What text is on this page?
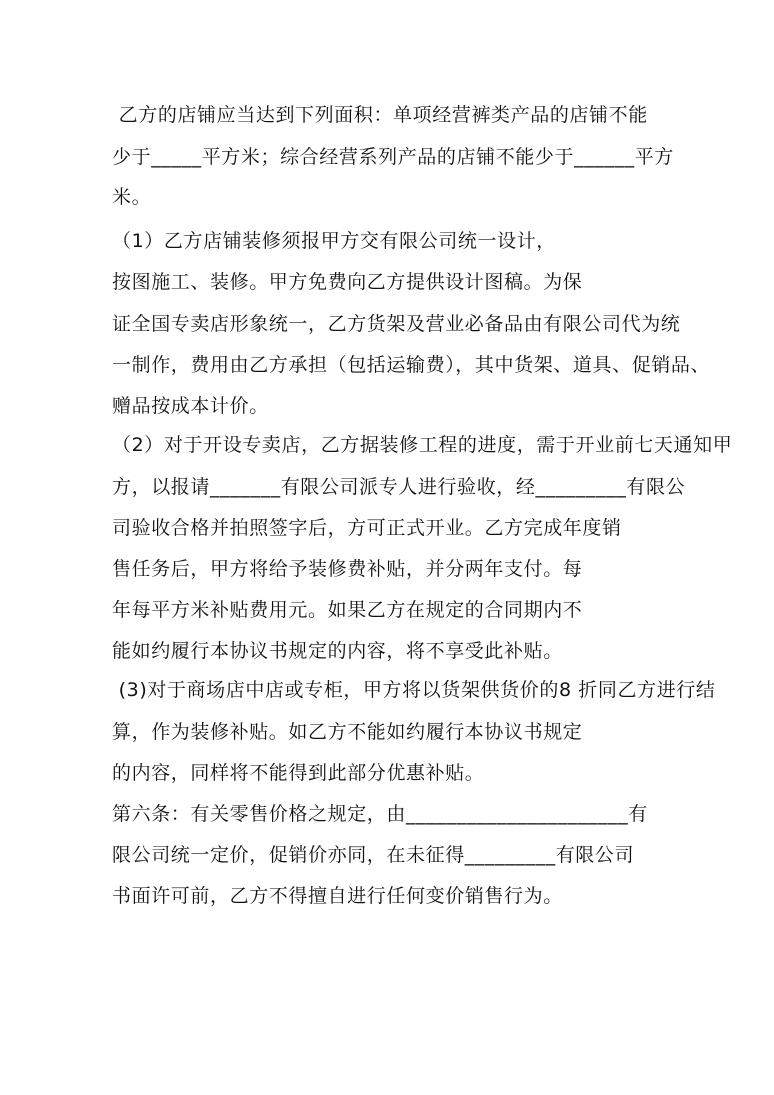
乙方的店铺应当达到下列面积：单项经营裤类产品的店铺不能
少于_____平方米；综合经营系列产品的店铺不能少于______平方
米。
（1）乙方店铺装修须报甲方交有限公司统一设计，
按图施工、装修。甲方免费向乙方提供设计图稿。为保
证全国专卖店形象统一，乙方货架及营业必备品由有限公司代为统
一制作，费用由乙方承担（包括运输费），其中货架、道具、促销品、
赠品按成本计价。
（2）对于开设专卖店，乙方据装修工程的进度，需于开业前七天通知甲
方，以报请_______有限公司派专人进行验收，经_________有限公
司验收合格并拍照签字后，方可正式开业。乙方完成年度销
售任务后，甲方将给予装修费补贴，并分两年支付。每
年每平方米补贴费用元。如果乙方在规定的合同期内不
能如约履行本协议书规定的内容，将不享受此补贴。
(3)对于商场店中店或专柜，甲方将以货架供货价的8 折同乙方进行结
算，作为装修补贴。如乙方不能如约履行本协议书规定
的内容，同样将不能得到此部分优惠补贴。
第六条：有关零售价格之规定，由______________________有
限公司统一定价，促销价亦同，在未征得_________有限公司
书面许可前，乙方不得擅自进行任何变价销售行为。
